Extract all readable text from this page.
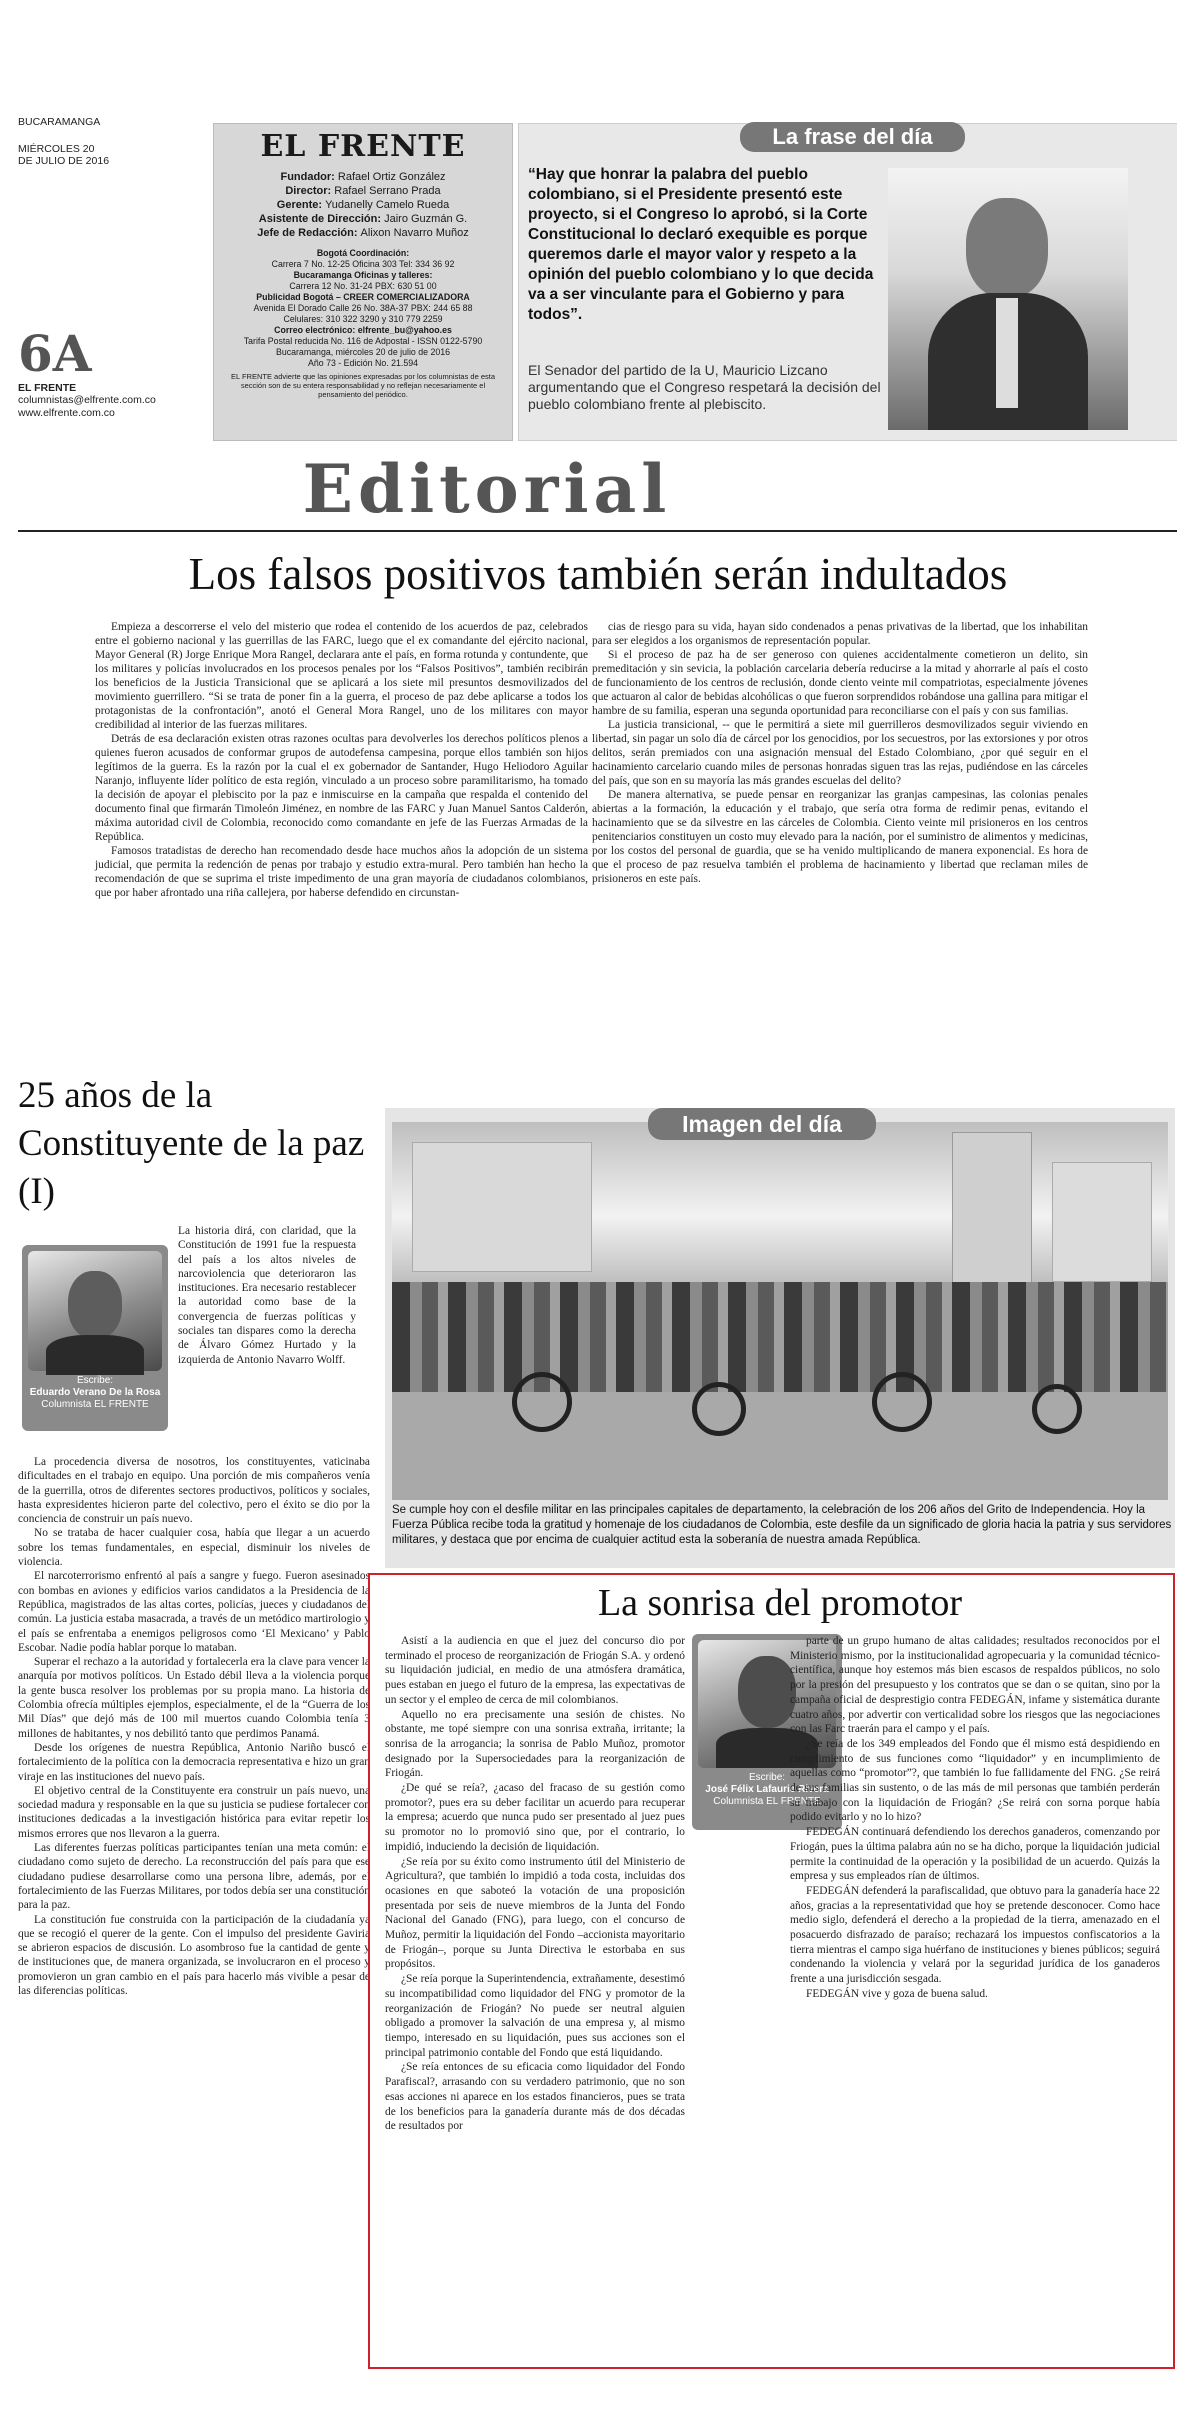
BUCARAMANGA
MIÉRCOLES 20
DE JULIO DE 2016
6A
EL FRENTE
columnistas@elfrente.com.co
www.elfrente.com.co
EL FRENTE
Fundador: Rafael Ortiz González
Director: Rafael Serrano Prada
Gerente: Yudanelly Camelo Rueda
Asistente de Dirección: Jairo Guzmán G.
Jefe de Redacción: Alixon Navarro Muñoz
Bogotá Coordinación:
Carrera 7 No. 12-25 Oficina 303 Tel: 334 36 92
Bucaramanga Oficinas y talleres:
Carrera 12 No. 31-24 PBX: 630 51 00
Publicidad Bogotá – CREER COMERCIALIZADORA
Avenida El Dorado Calle 26 No. 38A-37 PBX: 244 65 88
Celulares: 310 322 3290 y 310 779 2259
Correo electrónico: elfrente_bu@yahoo.es
Tarifa Postal reducida No. 116 de Adpostal - ISSN 0122-5790
Bucaramanga, miércoles 20 de julio de 2016
Año 73 - Edición No. 21.594
EL FRENTE advierte que las opiniones expresadas por los columnistas de esta sección son de su entera responsabilidad y no reflejan necesariamente el pensamiento del periódico.
La frase del día
“Hay que honrar la palabra del pueblo colombiano, si el Presidente presentó este proyecto, si el Congreso lo aprobó, si la Corte Constitucional lo declaró exequible es porque queremos darle el mayor valor y respeto a la opinión del pueblo colombiano y lo que decida va a ser vinculante para el Gobierno y para todos”.
El Senador del partido de la U, Mauricio Lizcano argumentando que el Congreso respetará la decisión del pueblo colombiano frente al plebiscito.
Editorial
Los falsos positivos también serán indultados

Empieza a descorrerse el velo del misterio que rodea el contenido de los acuerdos de paz, celebrados entre el gobierno nacional y las guerrillas de las FARC, luego que el ex comandante del ejército nacional, Mayor General (R) Jorge Enrique Mora Rangel, declarara ante el país, en forma rotunda y contundente, que los militares y policías involucrados en los procesos penales por los “Falsos Positivos”, también recibirán los beneficios de la Justicia Transicional que se aplicará a los siete mil presuntos desmovilizados del movimiento guerrillero. “Si se trata de poner fin a la guerra, el proceso de paz debe aplicarse a todos los protagonistas de la confrontación”, anotó el General Mora Rangel, uno de los militares con mayor credibilidad al interior de las fuerzas militares.

Detrás de esa declaración existen otras razones ocultas para devolverles los derechos políticos plenos a quienes fueron acusados de conformar grupos de autodefensa campesina, porque ellos también son hijos legítimos de la guerra. Es la razón por la cual el ex gobernador de Santander, Hugo Heliodoro Aguilar Naranjo, influyente líder político de esta región, vinculado a un proceso sobre paramilitarismo, ha tomado la decisión de apoyar el plebiscito por la paz e inmiscuirse en la campaña que respalda el contenido del documento final que firmarán Timoleón Jiménez, en nombre de las FARC y Juan Manuel Santos Calderón, máxima autoridad civil de Colombia, reconocido como comandante en jefe de las Fuerzas Armadas de la República.

Famosos tratadistas de derecho han recomendado desde hace muchos años la adopción de un sistema judicial, que permita la redención de penas por trabajo y estudio extra-mural. Pero también han hecho la recomendación de que se suprima el triste impedimento de una gran mayoría de ciudadanos colombianos, que por haber afrontado una riña callejera, por haberse defendido en circunstan-

cias de riesgo para su vida, hayan sido condenados a penas privativas de la libertad, que los inhabilitan para ser elegidos a los organismos de representación popular.

Si el proceso de paz ha de ser generoso con quienes accidentalmente cometieron un delito, sin premeditación y sin sevicia, la población carcelaria debería reducirse a la mitad y ahorrarle al país el costo de funcionamiento de los centros de reclusión, donde ciento veinte mil compatriotas, especialmente jóvenes que actuaron al calor de bebidas alcohólicas o que fueron sorprendidos robándose una gallina para mitigar el hambre de su familia, esperan una segunda oportunidad para reconciliarse con el país y con sus familias.

La justicia transicional, -- que le permitirá a siete mil guerrilleros desmovilizados seguir viviendo en libertad, sin pagar un solo día de cárcel por los genocidios, por los secuestros, por las extorsiones y por otros delitos, serán premiados con una asignación mensual del Estado Colombiano, ¿por qué seguir en el hacinamiento carcelario cuando miles de personas honradas siguen tras las rejas, pudiéndose en las cárceles del país, que son en su mayoría las más grandes escuelas del delito?

De manera alternativa, se puede pensar en reorganizar las granjas campesinas, las colonias penales abiertas a la formación, la educación y el trabajo, que sería otra forma de redimir penas, evitando el hacinamiento que se da silvestre en las cárceles de Colombia. Ciento veinte mil prisioneros en los centros penitenciarios constituyen un costo muy elevado para la nación, por el suministro de alimentos y medicinas, por los costos del personal de guardia, que se ha venido multiplicando de manera exponencial. Es hora de que el proceso de paz resuelva también el problema de hacinamiento y libertad que reclaman miles de prisioneros en este país.

25 años de la Constituyente de la paz (I)
Escribe:
Eduardo Verano De la Rosa
Columnista EL FRENTE
La historia dirá, con claridad, que la Constitución de 1991 fue la respuesta del país a los altos niveles de narcoviolencia que deterioraron las instituciones. Era necesario restablecer la autoridad como base de la convergencia de fuerzas políticas y sociales tan dispares como la derecha de Álvaro Gómez Hurtado y la izquierda de Antonio Navarro Wolff.

La procedencia diversa de nosotros, los constituyentes, vaticinaba dificultades en el trabajo en equipo. Una porción de mis compañeros venía de la guerrilla, otros de diferentes sectores productivos, políticos y sociales, hasta expresidentes hicieron parte del colectivo, pero el éxito se dio por la conciencia de construir un país nuevo.

No se trataba de hacer cualquier cosa, había que llegar a un acuerdo sobre los temas fundamentales, en especial, disminuir los niveles de violencia.

El narcoterrorismo enfrentó al país a sangre y fuego. Fueron asesinados con bombas en aviones y edificios varios candidatos a la Presidencia de la República, magistrados de las altas cortes, policías, jueces y ciudadanos del común. La justicia estaba masacrada, a través de un metódico martirologio y el país se enfrentaba a enemigos peligrosos como ‘El Mexicano’ y Pablo Escobar. Nadie podía hablar porque lo mataban.

Superar el rechazo a la autoridad y fortalecerla era la clave para vencer la anarquía por motivos políticos. Un Estado débil lleva a la violencia porque la gente busca resolver los problemas por su propia mano. La historia de Colombia ofrecía múltiples ejemplos, especialmente, el de la “Guerra de los Mil Días” que dejó más de 100 mil muertos cuando Colombia tenía 3 millones de habitantes, y nos debilitó tanto que perdimos Panamá.

Desde los orígenes de nuestra República, Antonio Nariño buscó el fortalecimiento de la política con la democracia representativa e hizo un gran viraje en las instituciones del nuevo país.

El objetivo central de la Constituyente era construir un país nuevo, una sociedad madura y responsable en la que su justicia se pudiese fortalecer con instituciones dedicadas a la investigación histórica para evitar repetir los mismos errores que nos llevaron a la guerra.

Las diferentes fuerzas políticas participantes tenían una meta común: el ciudadano como sujeto de derecho. La reconstrucción del país para que ese ciudadano pudiese desarrollarse como una persona libre, además, por el fortalecimiento de las Fuerzas Militares, por todos debía ser una constitución para la paz.

La constitución fue construida con la participación de la ciudadanía ya que se recogió el querer de la gente. Con el impulso del presidente Gaviria se abrieron espacios de discusión. Lo asombroso fue la cantidad de gente y de instituciones que, de manera organizada, se involucraron en el proceso y promovieron un gran cambio en el país para hacerlo más vivible a pesar de las diferencias políticas.

Imagen del día
Se cumple hoy con el desfile militar en las principales capitales de departamento, la celebración de los 206 años del Grito de Independencia. Hoy la Fuerza Pública recibe toda la gratitud y homenaje de los ciudadanos de Colombia, este desfile da un significado de gloria hacia la patria y sus servidores militares, y destaca que por encima de cualquier actitud esta la soberanía de nuestra amada República.
La sonrisa del promotor
Escribe:
José Félix Lafaurie Rivera
Columnista EL FRENTE

Asistí a la audiencia en que el juez del concurso dio por terminado el proceso de reorganización de Friogán S.A. y ordenó su liquidación judicial, en medio de una atmósfera dramática, pues estaban en juego el futuro de la empresa, las expectativas de un sector y el empleo de cerca de mil colombianos.

Aquello no era precisamente una sesión de chistes. No obstante, me topé siempre con una sonrisa extraña, irritante; la sonrisa de la arrogancia; la sonrisa de Pablo Muñoz, promotor designado por la Supersociedades para la reorganización de Friogán.

¿De qué se reía?, ¿acaso del fracaso de su gestión como promotor?, pues era su deber facilitar un acuerdo para recuperar la empresa; acuerdo que nunca pudo ser presentado al juez pues su promotor no lo promovió sino que, por el contrario, lo impidió, induciendo la decisión de liquidación.

¿Se reía por su éxito como instrumento útil del Ministerio de Agricultura?, que también lo impidió a toda costa, incluidas dos ocasiones en que saboteó la votación de una proposición presentada por seis de nueve miembros de la Junta del Fondo Nacional del Ganado (FNG), para luego, con el concurso de Muñoz, permitir la liquidación del Fondo –accionista mayoritario de Friogán–, porque su Junta Directiva le estorbaba en sus propósitos.

¿Se reía porque la Superintendencia, extrañamente, desestimó su incompatibilidad como liquidador del FNG y promotor de la reorganización de Friogán? No puede ser neutral alguien obligado a promover la salvación de una empresa y, al mismo tiempo, interesado en su liquidación, pues sus acciones son el principal patrimonio contable del Fondo que está liquidando.

¿Se reía entonces de su eficacia como liquidador del Fondo Parafiscal?, arrasando con su verdadero patrimonio, que no son esas acciones ni aparece en los estados financieros, pues se trata de los beneficios para la ganadería durante más de dos décadas de resultados por

parte de un grupo humano de altas calidades; resultados reconocidos por el Ministerio mismo, por la institucionalidad agropecuaria y la comunidad técnico-científica, aunque hoy estemos más bien escasos de respaldos públicos, no solo por la presión del presupuesto y los contratos que se dan o se quitan, sino por la campaña oficial de desprestigio contra FEDEGÁN, infame y sistemática durante cuatro años, por advertir con verticalidad sobre los riesgos que las negociaciones con las Farc traerán para el campo y el país.

¿Se reía de los 349 empleados del Fondo que él mismo está despidiendo en cumplimiento de sus funciones como “liquidador” y en incumplimiento de aquellas como “promotor”?, que también lo fue fallidamente del FNG. ¿Se reirá de sus familias sin sustento, o de las más de mil personas que también perderán su trabajo con la liquidación de Friogán? ¿Se reirá con sorna porque había podido evitarlo y no lo hizo?

FEDEGÁN continuará defendiendo los derechos ganaderos, comenzando por Friogán, pues la última palabra aún no se ha dicho, porque la liquidación judicial permite la continuidad de la operación y la posibilidad de un acuerdo. Quizás la empresa y sus empleados rían de últimos.

FEDEGÁN defenderá la parafiscalidad, que obtuvo para la ganadería hace 22 años, gracias a la representatividad que hoy se pretende desconocer. Como hace medio siglo, defenderá el derecho a la propiedad de la tierra, amenazado en el posacuerdo disfrazado de paraíso; rechazará los impuestos confiscatorios a la tierra mientras el campo siga huérfano de instituciones y bienes públicos; seguirá condenando la violencia y velará por la seguridad jurídica de los ganaderos frente a una jurisdicción sesgada.

FEDEGÁN vive y goza de buena salud.
